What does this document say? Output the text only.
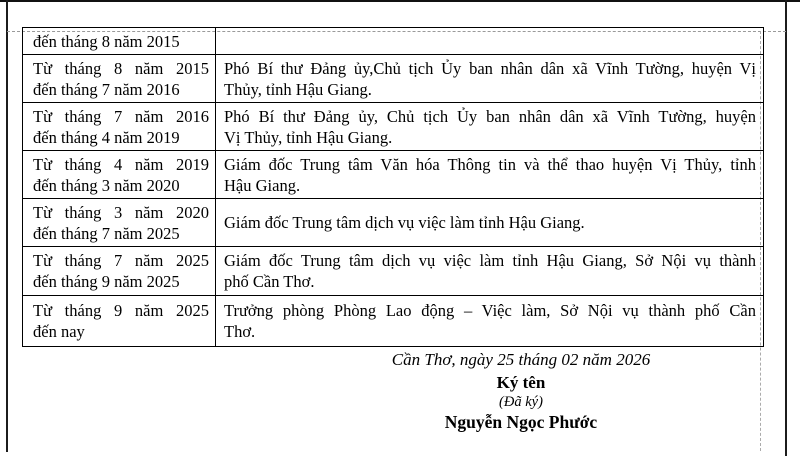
đến tháng 8 năm 2015
Từ tháng 8 năm 2015
đến tháng 7 năm 2016
Phó Bí thư Đảng ủy,Chủ tịch Ủy ban nhân dân xã Vĩnh Tường, huyện Vị
Thủy, tỉnh Hậu Giang.
Từ tháng 7 năm 2016
đến tháng 4 năm 2019
Phó Bí thư Đảng ủy, Chủ tịch Ủy ban nhân dân xã Vĩnh Tường, huyện
Vị Thủy, tỉnh Hậu Giang.
Từ tháng 4 năm 2019
đến tháng 3 năm 2020
Giám đốc Trung tâm Văn hóa Thông tin và thể thao huyện Vị Thủy, tỉnh
Hậu Giang.
Từ tháng 3 năm 2020
đến tháng 7 năm 2025
Giám đốc Trung tâm dịch vụ việc làm tỉnh Hậu Giang.
Từ tháng 7 năm 2025
đến tháng 9 năm 2025
Giám đốc Trung tâm dịch vụ việc làm tỉnh Hậu Giang, Sở Nội vụ thành
phố Cần Thơ.
Từ tháng 9 năm 2025
đến nay
Trưởng phòng Phòng Lao động – Việc làm, Sở Nội vụ thành phố Cần
Thơ.
Cần Thơ, ngày 25 tháng 02 năm 2026
Ký tên
(Đã ký)
Nguyễn Ngọc Phước
